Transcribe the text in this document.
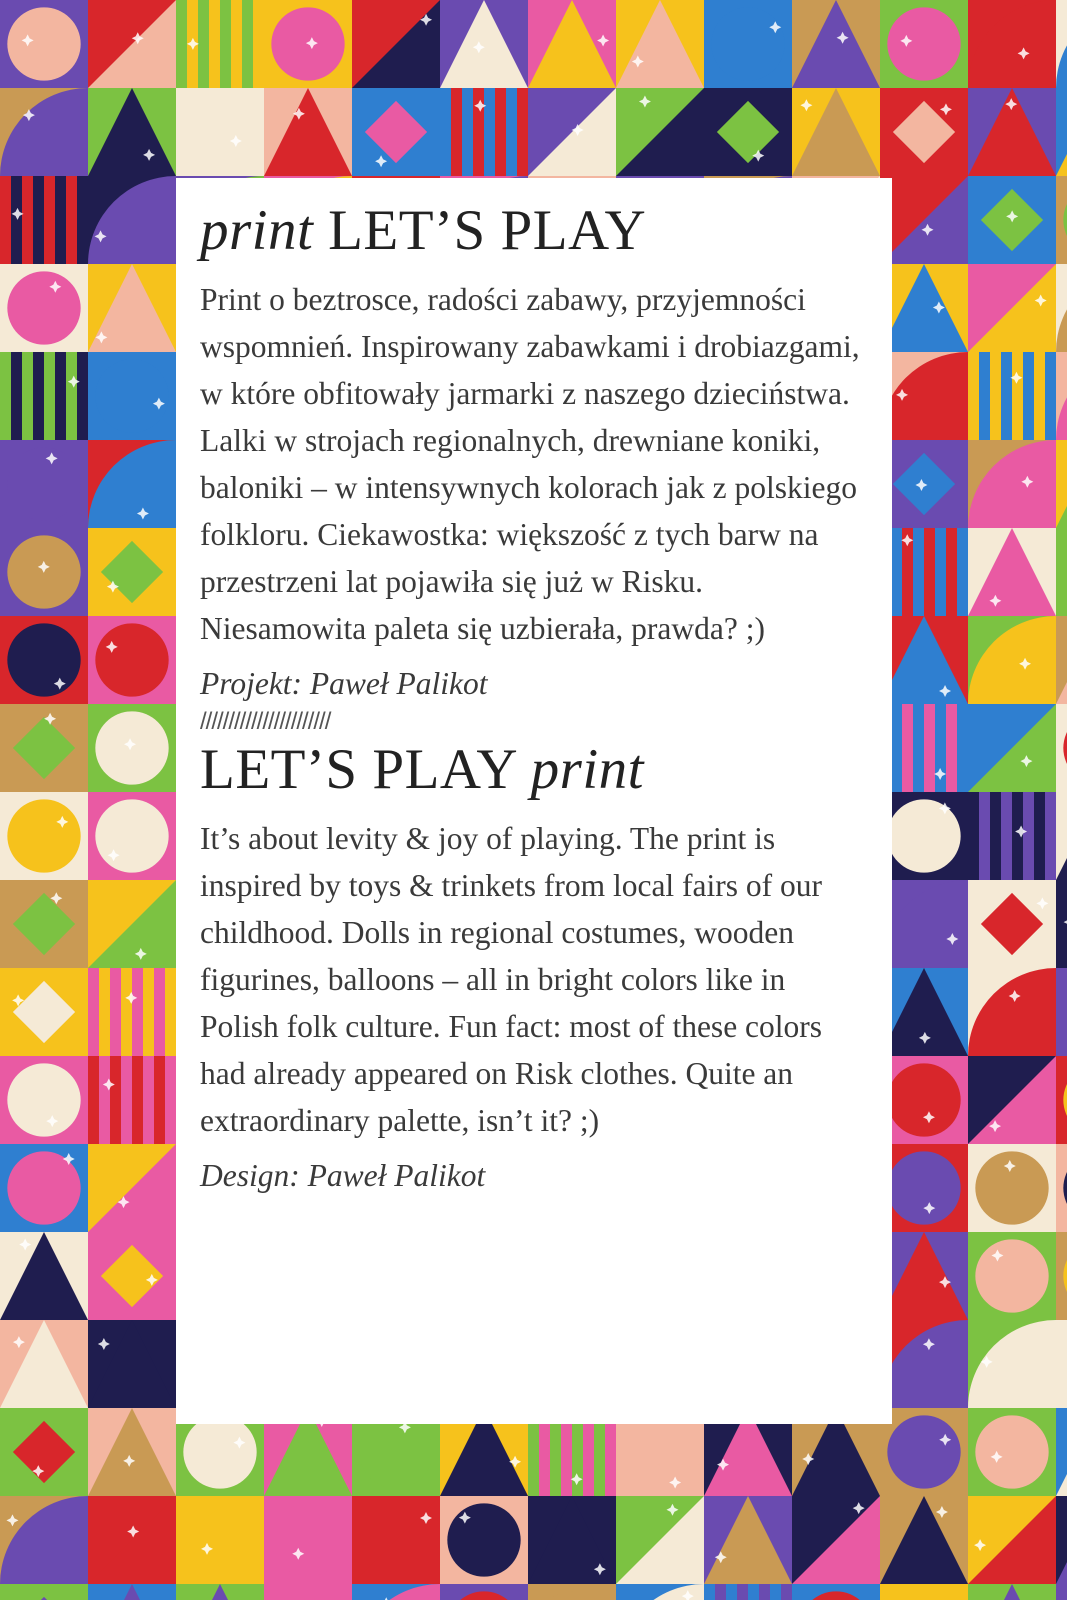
print LET’S PLAY

Print o beztrosce, radości zabawy, przyjemności wspomnień. Inspirowany zabawkami i drobiazgami, w które obfitowały jarmarki z naszego dzieciństwa. Lalki w strojach regionalnych, drewniane koniki, baloniki – w intensywnych kolorach jak z polskiego folkloru. Ciekawostka: większość z tych barw na przestrzeni lat pojawiła się już w Risku. Niesamowita paleta się uzbierała, prawda? ;)

Projekt: Paweł Palikot

///////////////////////

LET’S PLAY print

It’s about levity & joy of playing. The print is inspired by toys & trinkets from local fairs of our childhood. Dolls in regional costumes, wooden figurines, balloons – all in bright colors like in Polish folk culture. Fun fact: most of these colors had already appeared on Risk clothes. Quite an extraordinary palette, isn’t it? ;)

Design: Paweł Palikot
